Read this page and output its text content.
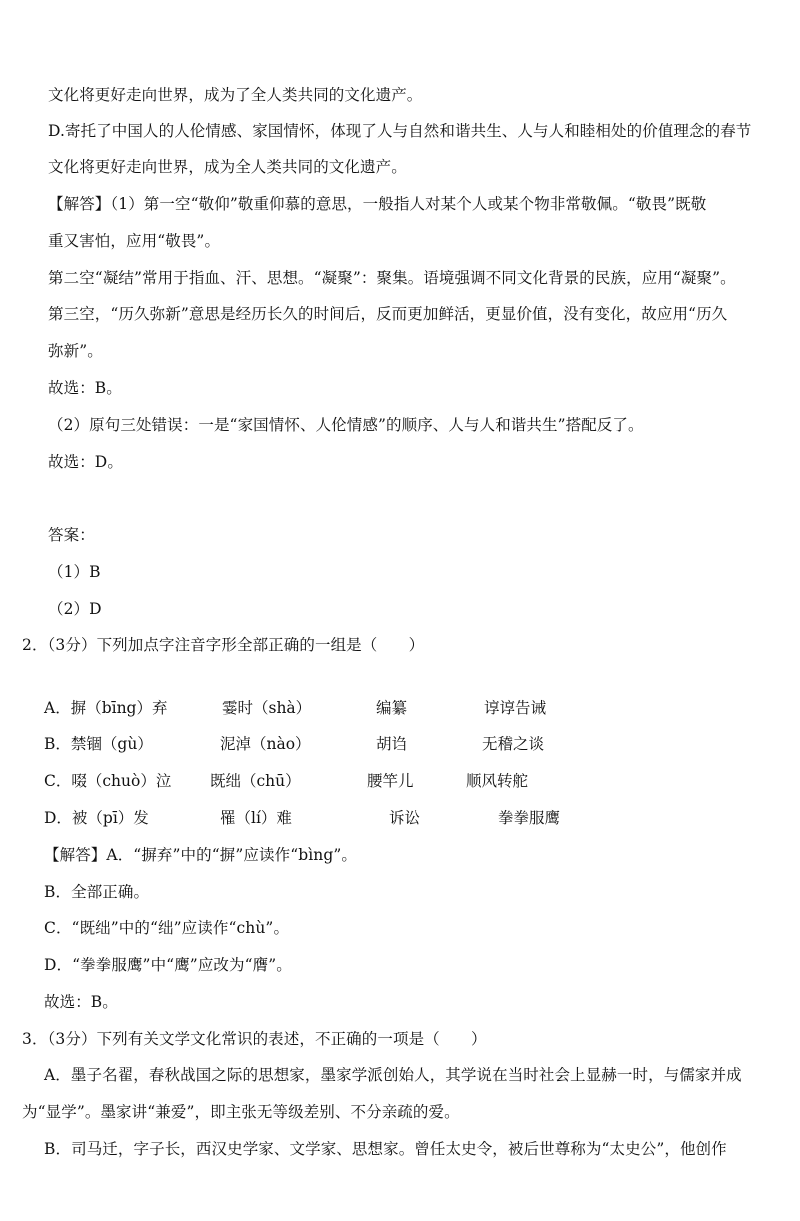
文化将更好走向世界，成为了全人类共同的文化遗产。
D.寄托了中国人的人伦情感、家国情怀，体现了人与自然和谐共生、人与人和睦相处的价值理念的春节
文化将更好走向世界，成为全人类共同的文化遗产。
【解答】（1）第一空“敬仰”敬重仰慕的意思，一般指人对某个人或某个物非常敬佩。“敬畏”既敬
重又害怕，应用“敬畏”。
第二空“凝结”常用于指血、汗、思想。“凝聚”：聚集。语境强调不同文化背景的民族，应用“凝聚”。
第三空，“历久弥新”意思是经历长久的时间后，反而更加鲜活，更显价值，没有变化，故应用“历久
弥新”。
故选：B。
（2）原句三处错误：一是“家国情怀、人伦情感”的顺序、人与人和谐共生”搭配反了。
故选：D。
答案：
（1）B
（2）D
2．（3分）下列加点字注音字形全部正确的一组是（　　）
A．摒（bīng）弃	霎时（shà）	编纂	谆谆告诫
B．禁锢（gù）	泥淖（nào）	胡诌	无稽之谈
C．啜（chuò）泣 既绌（chū）	腰竿儿	顺风转舵
D．被（pī）发	罹（lí）难	诉讼	拳拳服鹰
【解答】A．“摒弃”中的“摒”应读作“bìng”。
B．全部正确。
C．“既绌”中的“绌”应读作“chù”。
D．“拳拳服鹰”中“鹰”应改为“膺”。
故选：B。
3．（3分）下列有关文学文化常识的表述，不正确的一项是（　　）
A．墨子名翟，春秋战国之际的思想家，墨家学派创始人，其学说在当时社会上显赫一时，与儒家并成
为“显学”。墨家讲“兼爱”，即主张无等级差别、不分亲疏的爱。
B．司马迁，字子长，西汉史学家、文学家、思想家。曾任太史令，被后世尊称为“太史公”，他创作
